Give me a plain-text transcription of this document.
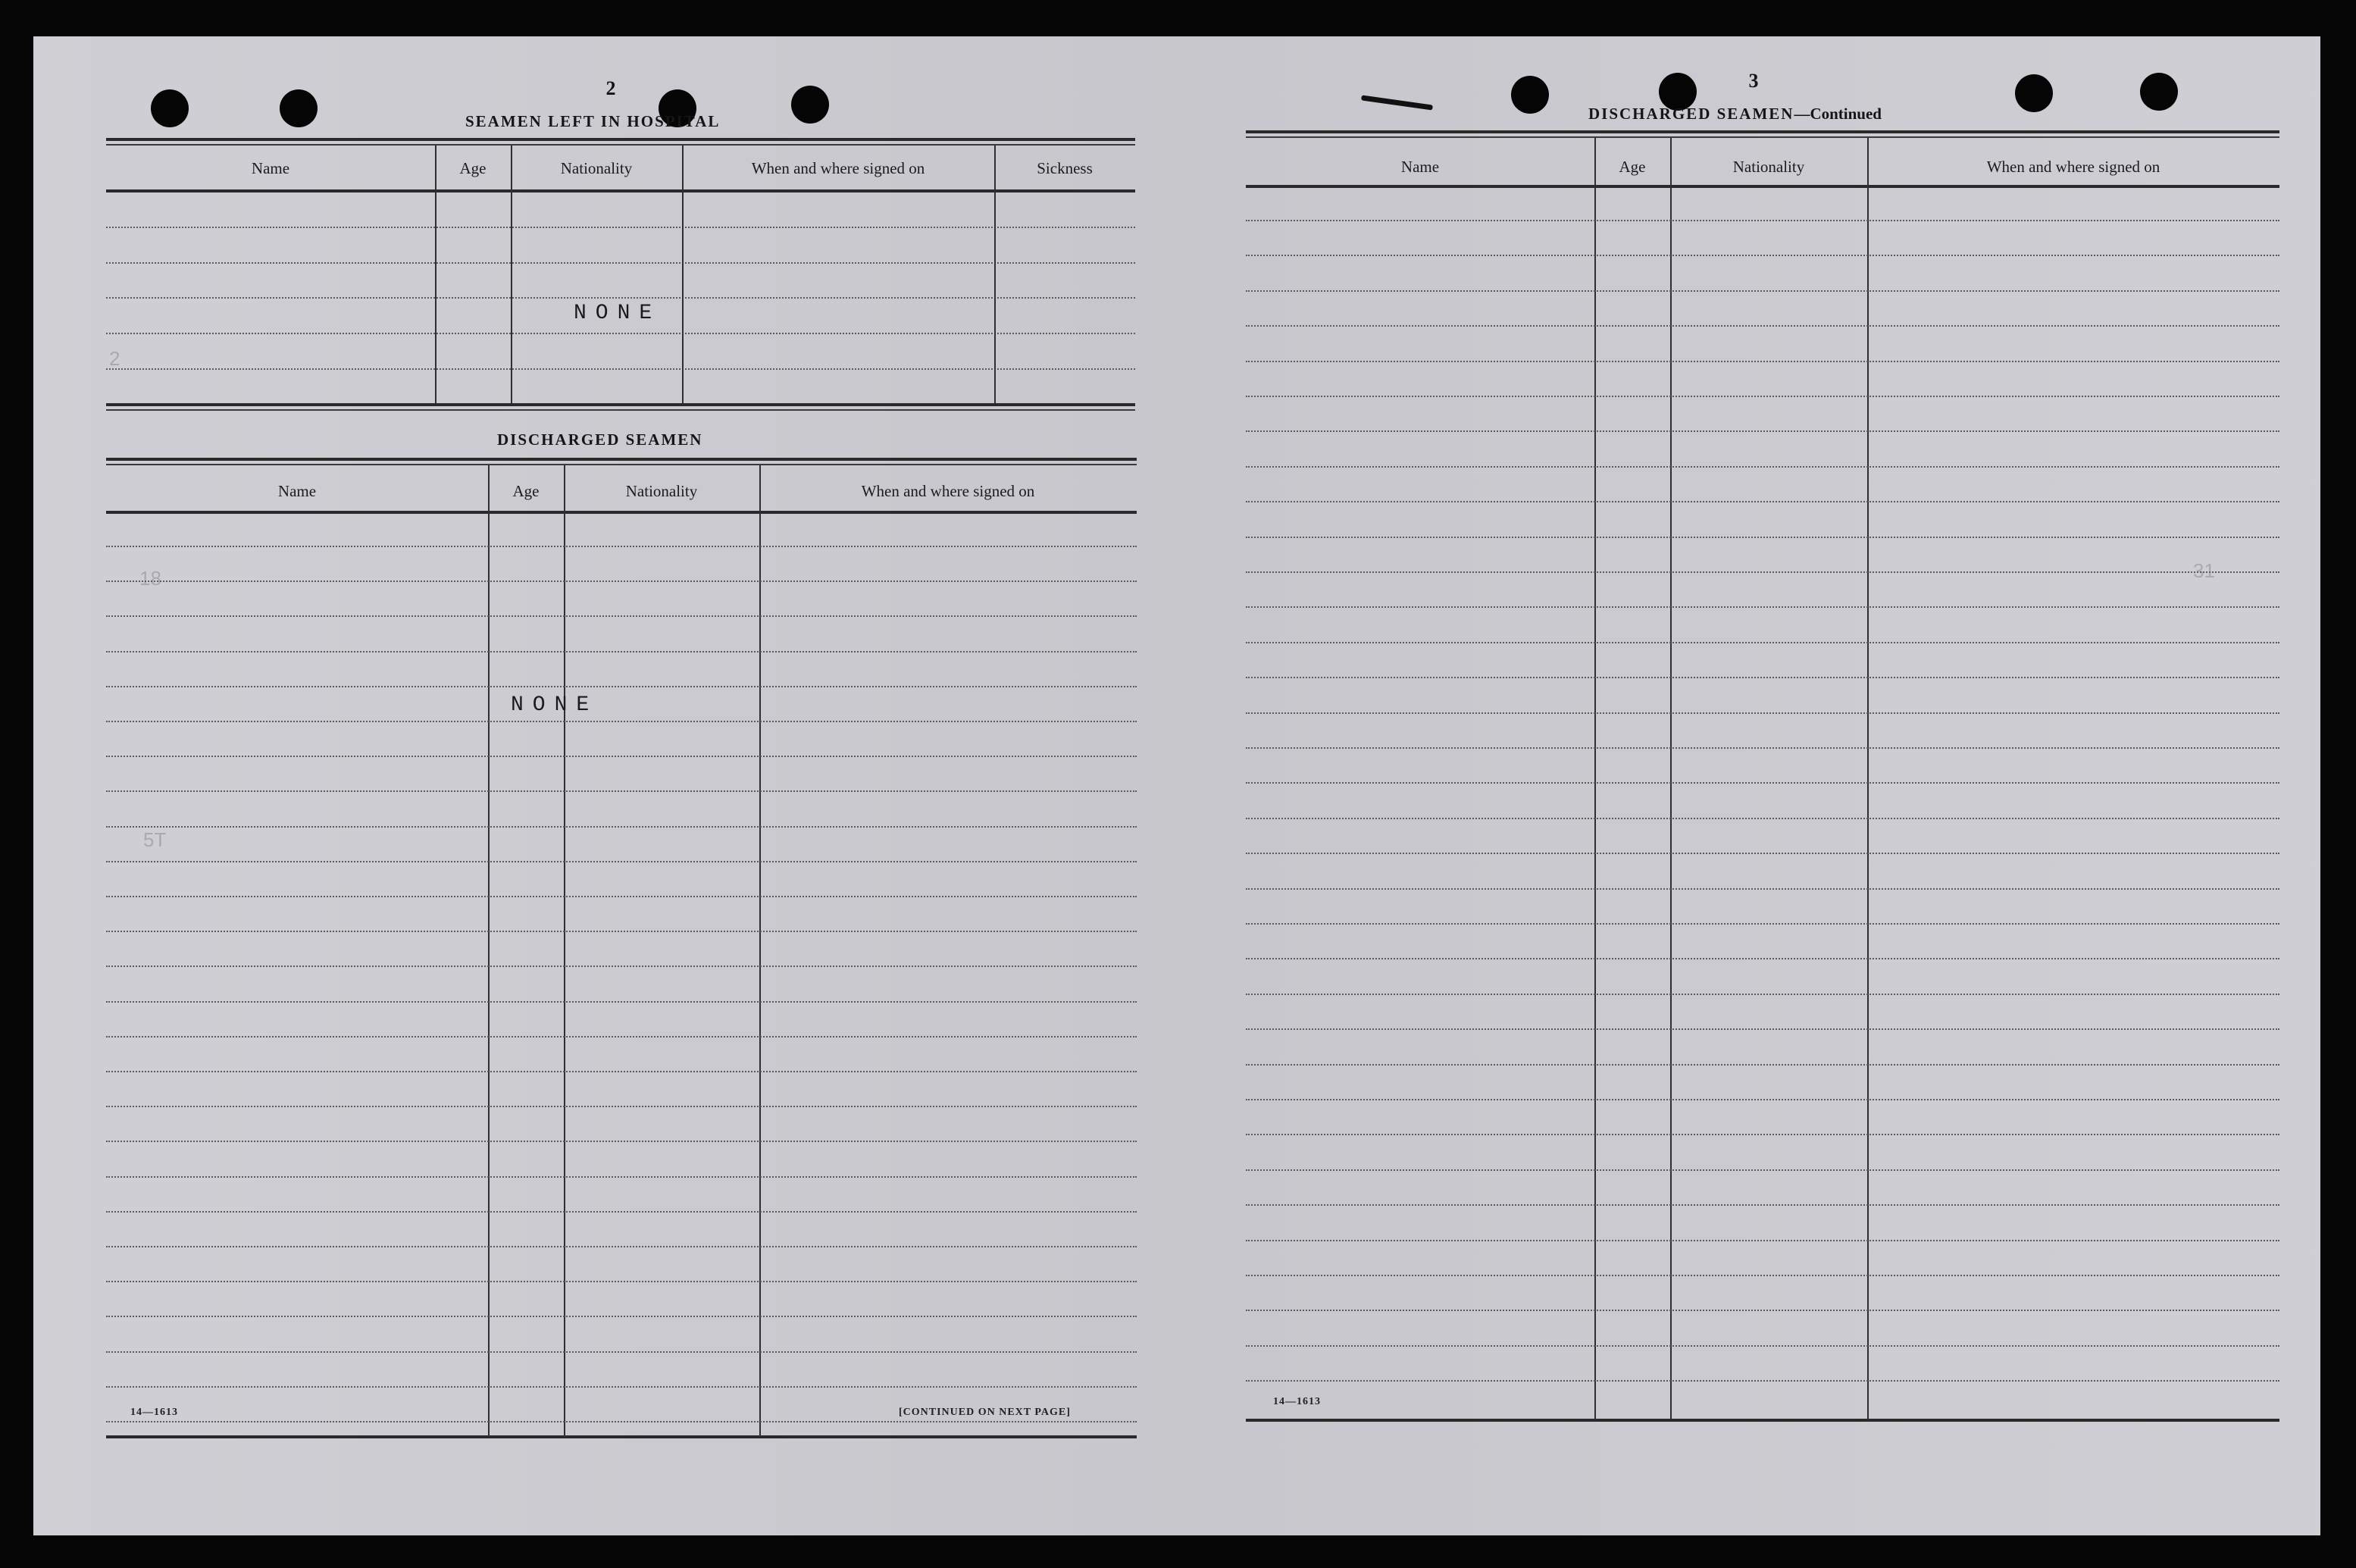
2
18
5T
31
2
SEAMEN LEFT IN HOSPITAL
Name	Age	Nationality	When and where signed on	Sickness
NONE
DISCHARGED SEAMEN
Name	Age	Nationality	When and where signed on
NONE
14—1613	[CONTINUED ON NEXT PAGE]
3
DISCHARGED SEAMEN—Continued
Name	Age	Nationality	When and where signed on
14—1613
